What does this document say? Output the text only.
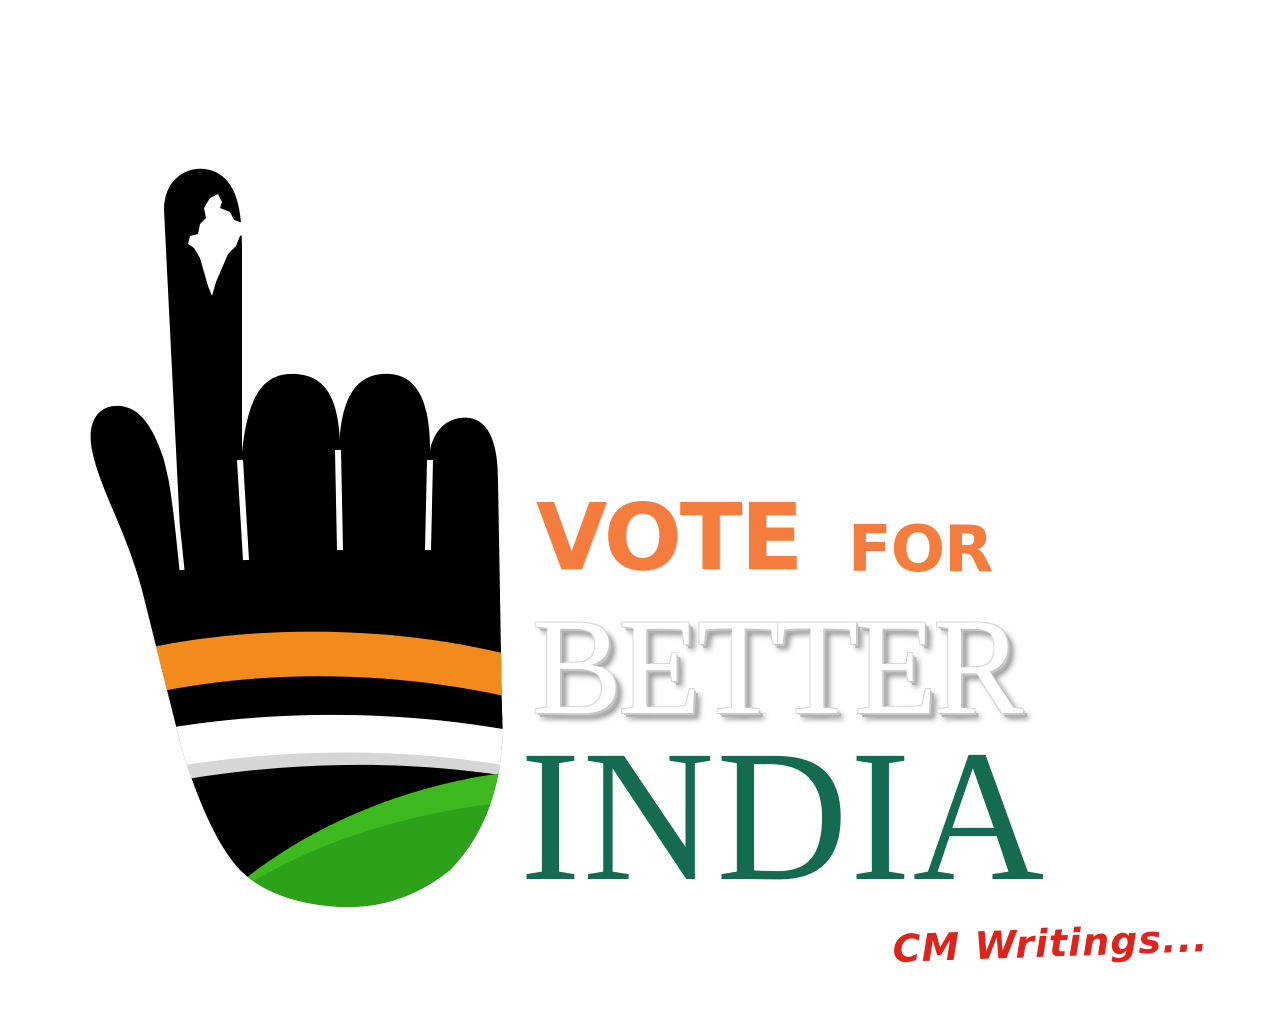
VOTE FOR
BETTER
INDIA
CM Writings...
